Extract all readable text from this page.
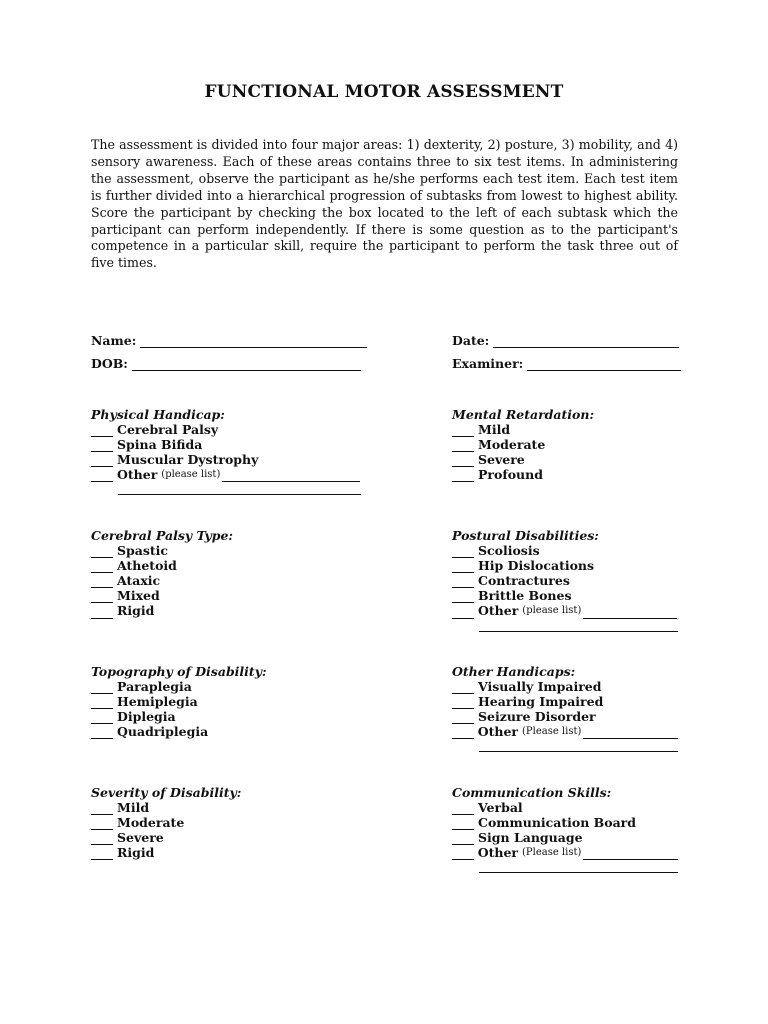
FUNCTIONAL MOTOR ASSESSMENT
The assessment is divided into four major areas: 1) dexterity, 2) posture, 3) mobility, and 4) sensory awareness. Each of these areas contains three to six test items. In administering the assessment, observe the participant as he/she performs each test item. Each test item is further divided into a hierarchical progression of subtasks from lowest to highest ability. Score the participant by checking the box located to the left of each subtask which the participant can perform independently. If there is some question as to the participant's competence in a particular skill, require the participant to perform the task three out of five times.
Name:	Date:
DOB:	Examiner:
Physical Handicap:
Cerebral Palsy
Spina Bifida
Muscular Dystrophy
Other (please list)
Mental Retardation:
Mild
Moderate
Severe
Profound
Cerebral Palsy Type:
Spastic
Athetoid
Ataxic
Mixed
Rigid
Postural Disabilities:
Scoliosis
Hip Dislocations
Contractures
Brittle Bones
Other (please list)
Topography of Disability:
Paraplegia
Hemiplegia
Diplegia
Quadriplegia
Other Handicaps:
Visually Impaired
Hearing Impaired
Seizure Disorder
Other (Please list)
Severity of Disability:
Mild
Moderate
Severe
Rigid
Communication Skills:
Verbal
Communication Board
Sign Language
Other (Please list)
